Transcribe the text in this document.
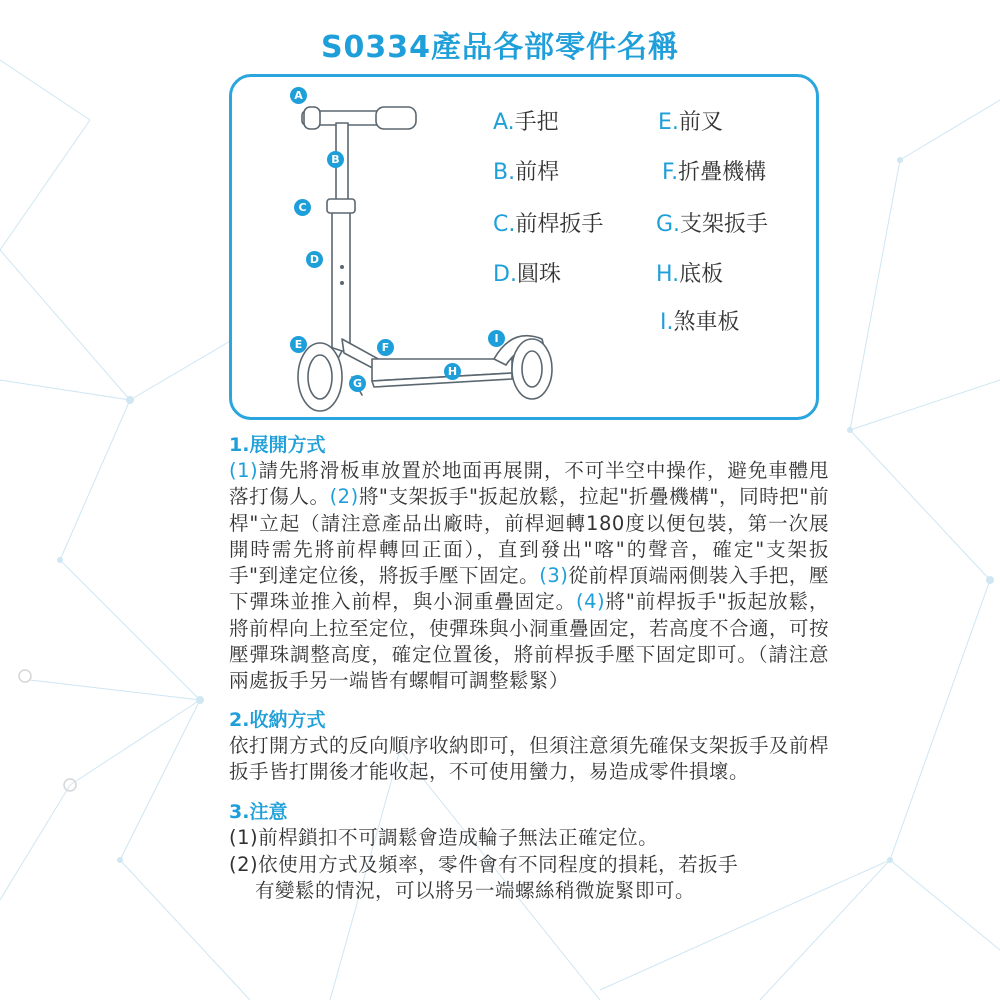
S0334產品各部零件名稱
A
B
C
D
E	F
G
H
I
A.手把
B.前桿
C.前桿扳手
D.圓珠
E.前叉
F.折疊機構
G.支架扳手
H.底板
I.煞車板
1.展開方式
(1)請先將滑板車放置於地面再展開，不可半空中操作，避免車體甩落打傷人。(2)將"支架扳手"扳起放鬆，拉起"折疊機構"，同時把"前桿"立起（請注意產品出廠時，前桿迴轉180度以便包裝，第一次展開時需先將前桿轉回正面），直到發出"喀"的聲音，確定"支架扳手"到達定位後，將扳手壓下固定。(3)從前桿頂端兩側裝入手把，壓下彈珠並推入前桿，與小洞重疊固定。(4)將"前桿扳手"扳起放鬆，將前桿向上拉至定位，使彈珠與小洞重疊固定，若高度不合適，可按壓彈珠調整高度，確定位置後，將前桿扳手壓下固定即可。（請注意兩處扳手另一端皆有螺帽可調整鬆緊）
2.收納方式
依打開方式的反向順序收納即可，但須注意須先確保支架扳手及前桿扳手皆打開後才能收起，不可使用蠻力，易造成零件損壞。
3.注意
(1)前桿鎖扣不可調鬆會造成輪子無法正確定位。
(2)依使用方式及頻率，零件會有不同程度的損耗，若扳手
有變鬆的情況，可以將另一端螺絲稍微旋緊即可。
